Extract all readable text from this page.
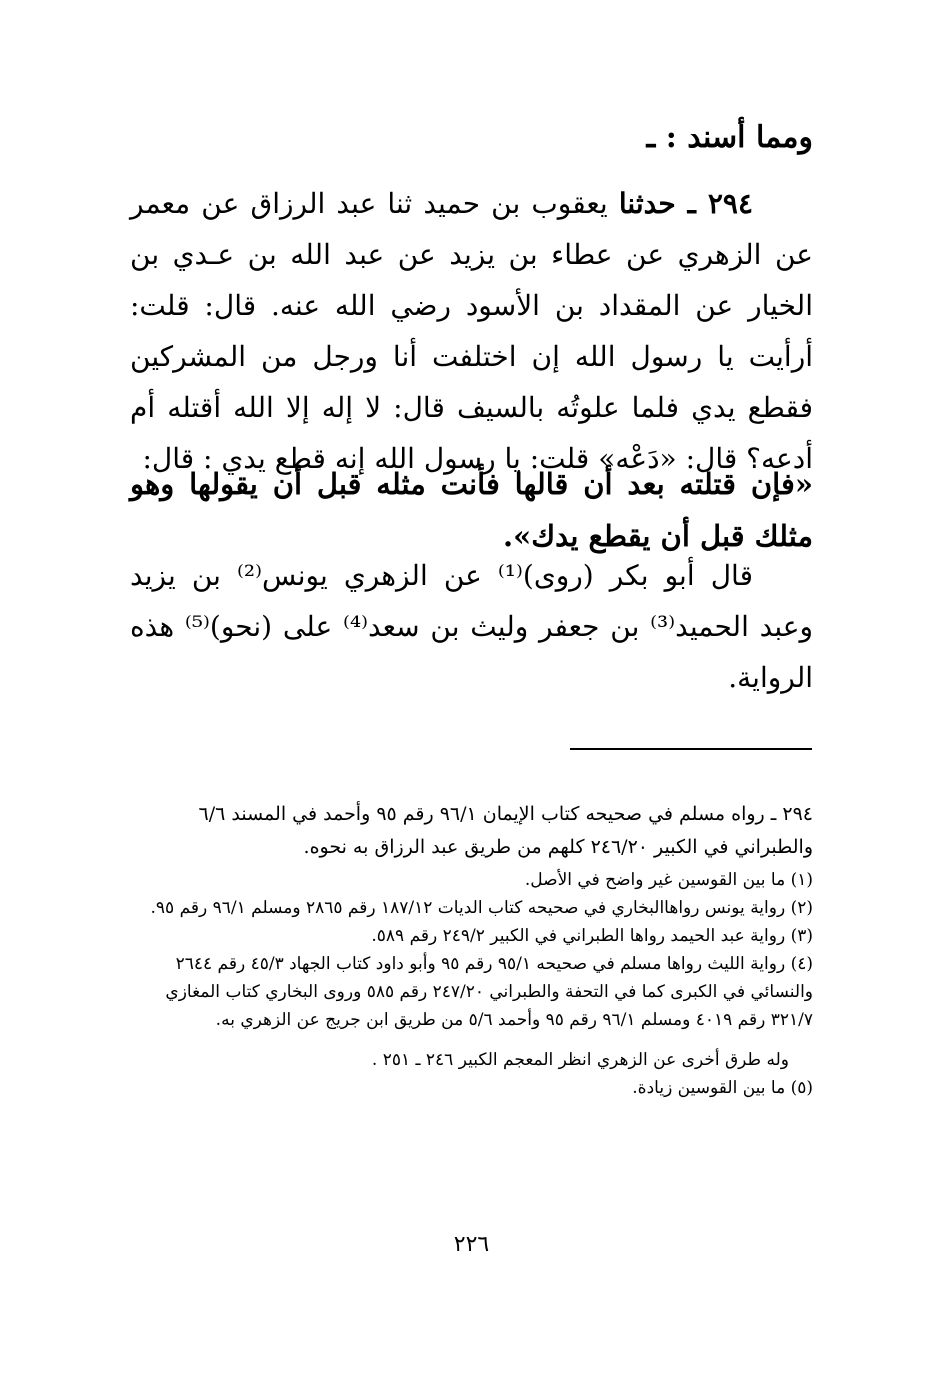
ومما أسند : ـ

٢٩٤ ـ حدثنا يعقوب بن حميد ثنا عبد الرزاق عن معمر عن الزهري عن عطاء بن يزيد عن عبد الله بن عـدي بن الخيار عن المقداد بن الأسود رضي الله عنه. قال: قلت: أرأيت يا رسول الله إن اختلفت أنا ورجل من المشركين فقطع يدي فلما علوتُه بالسيف قال: لا إله إلا الله أقتله أم أدعه؟ قال: «دَعْه» قلت: يا رسول الله إنه قطع يدي : قال:

«فإن قتلته بعد أن قالها فأنت مثله قبل أن يقولها وهو مثلك قبل أن يقطع يدك».

قال أبو بكر (روى)⁽¹⁾ عن الزهري يونس⁽²⁾ بن يزيد وعبد الحميد⁽³⁾ بن جعفر وليث بن سعد⁽⁴⁾ على (نحو)⁽⁵⁾ هذه الرواية.

٢٩٤ ـ رواه مسلم في صحيحه كتاب الإيمان ٩٦/١ رقم ٩٥ وأحمد في المسند ٦/٦ والطبراني في الكبير ٢٤٦/٢٠ كلهم من طريق عبد الرزاق به نحوه.

(١) ما بين القوسين غير واضح في الأصل.

(٢) رواية يونس رواهاالبخاري في صحيحه كتاب الديات ١٨٧/١٢ رقم ٢٨٦٥ ومسلم ٩٦/١ رقم ٩٥.

(٣) رواية عبد الحيمد رواها الطبراني في الكبير ٢٤٩/٢ رقم ٥٨٩.

(٤) رواية الليث رواها مسلم في صحيحه ٩٥/١ رقم ٩٥ وأبو داود كتاب الجهاد ٤٥/٣ رقم ٢٦٤٤ والنسائي في الكبرى كما في التحفة والطبراني ٢٤٧/٢٠ رقم ٥٨٥ وروى البخاري كتاب المغازي ٣٢١/٧ رقم ٤٠١٩ ومسلم ٩٦/١ رقم ٩٥ وأحمد ٥/٦ من طريق ابن جريج عن الزهري به.

وله طرق أخرى عن الزهري انظر المعجم الكبير ٢٤٦ ـ ٢٥١ .

(٥) ما بين القوسين زيادة.

٢٢٦
